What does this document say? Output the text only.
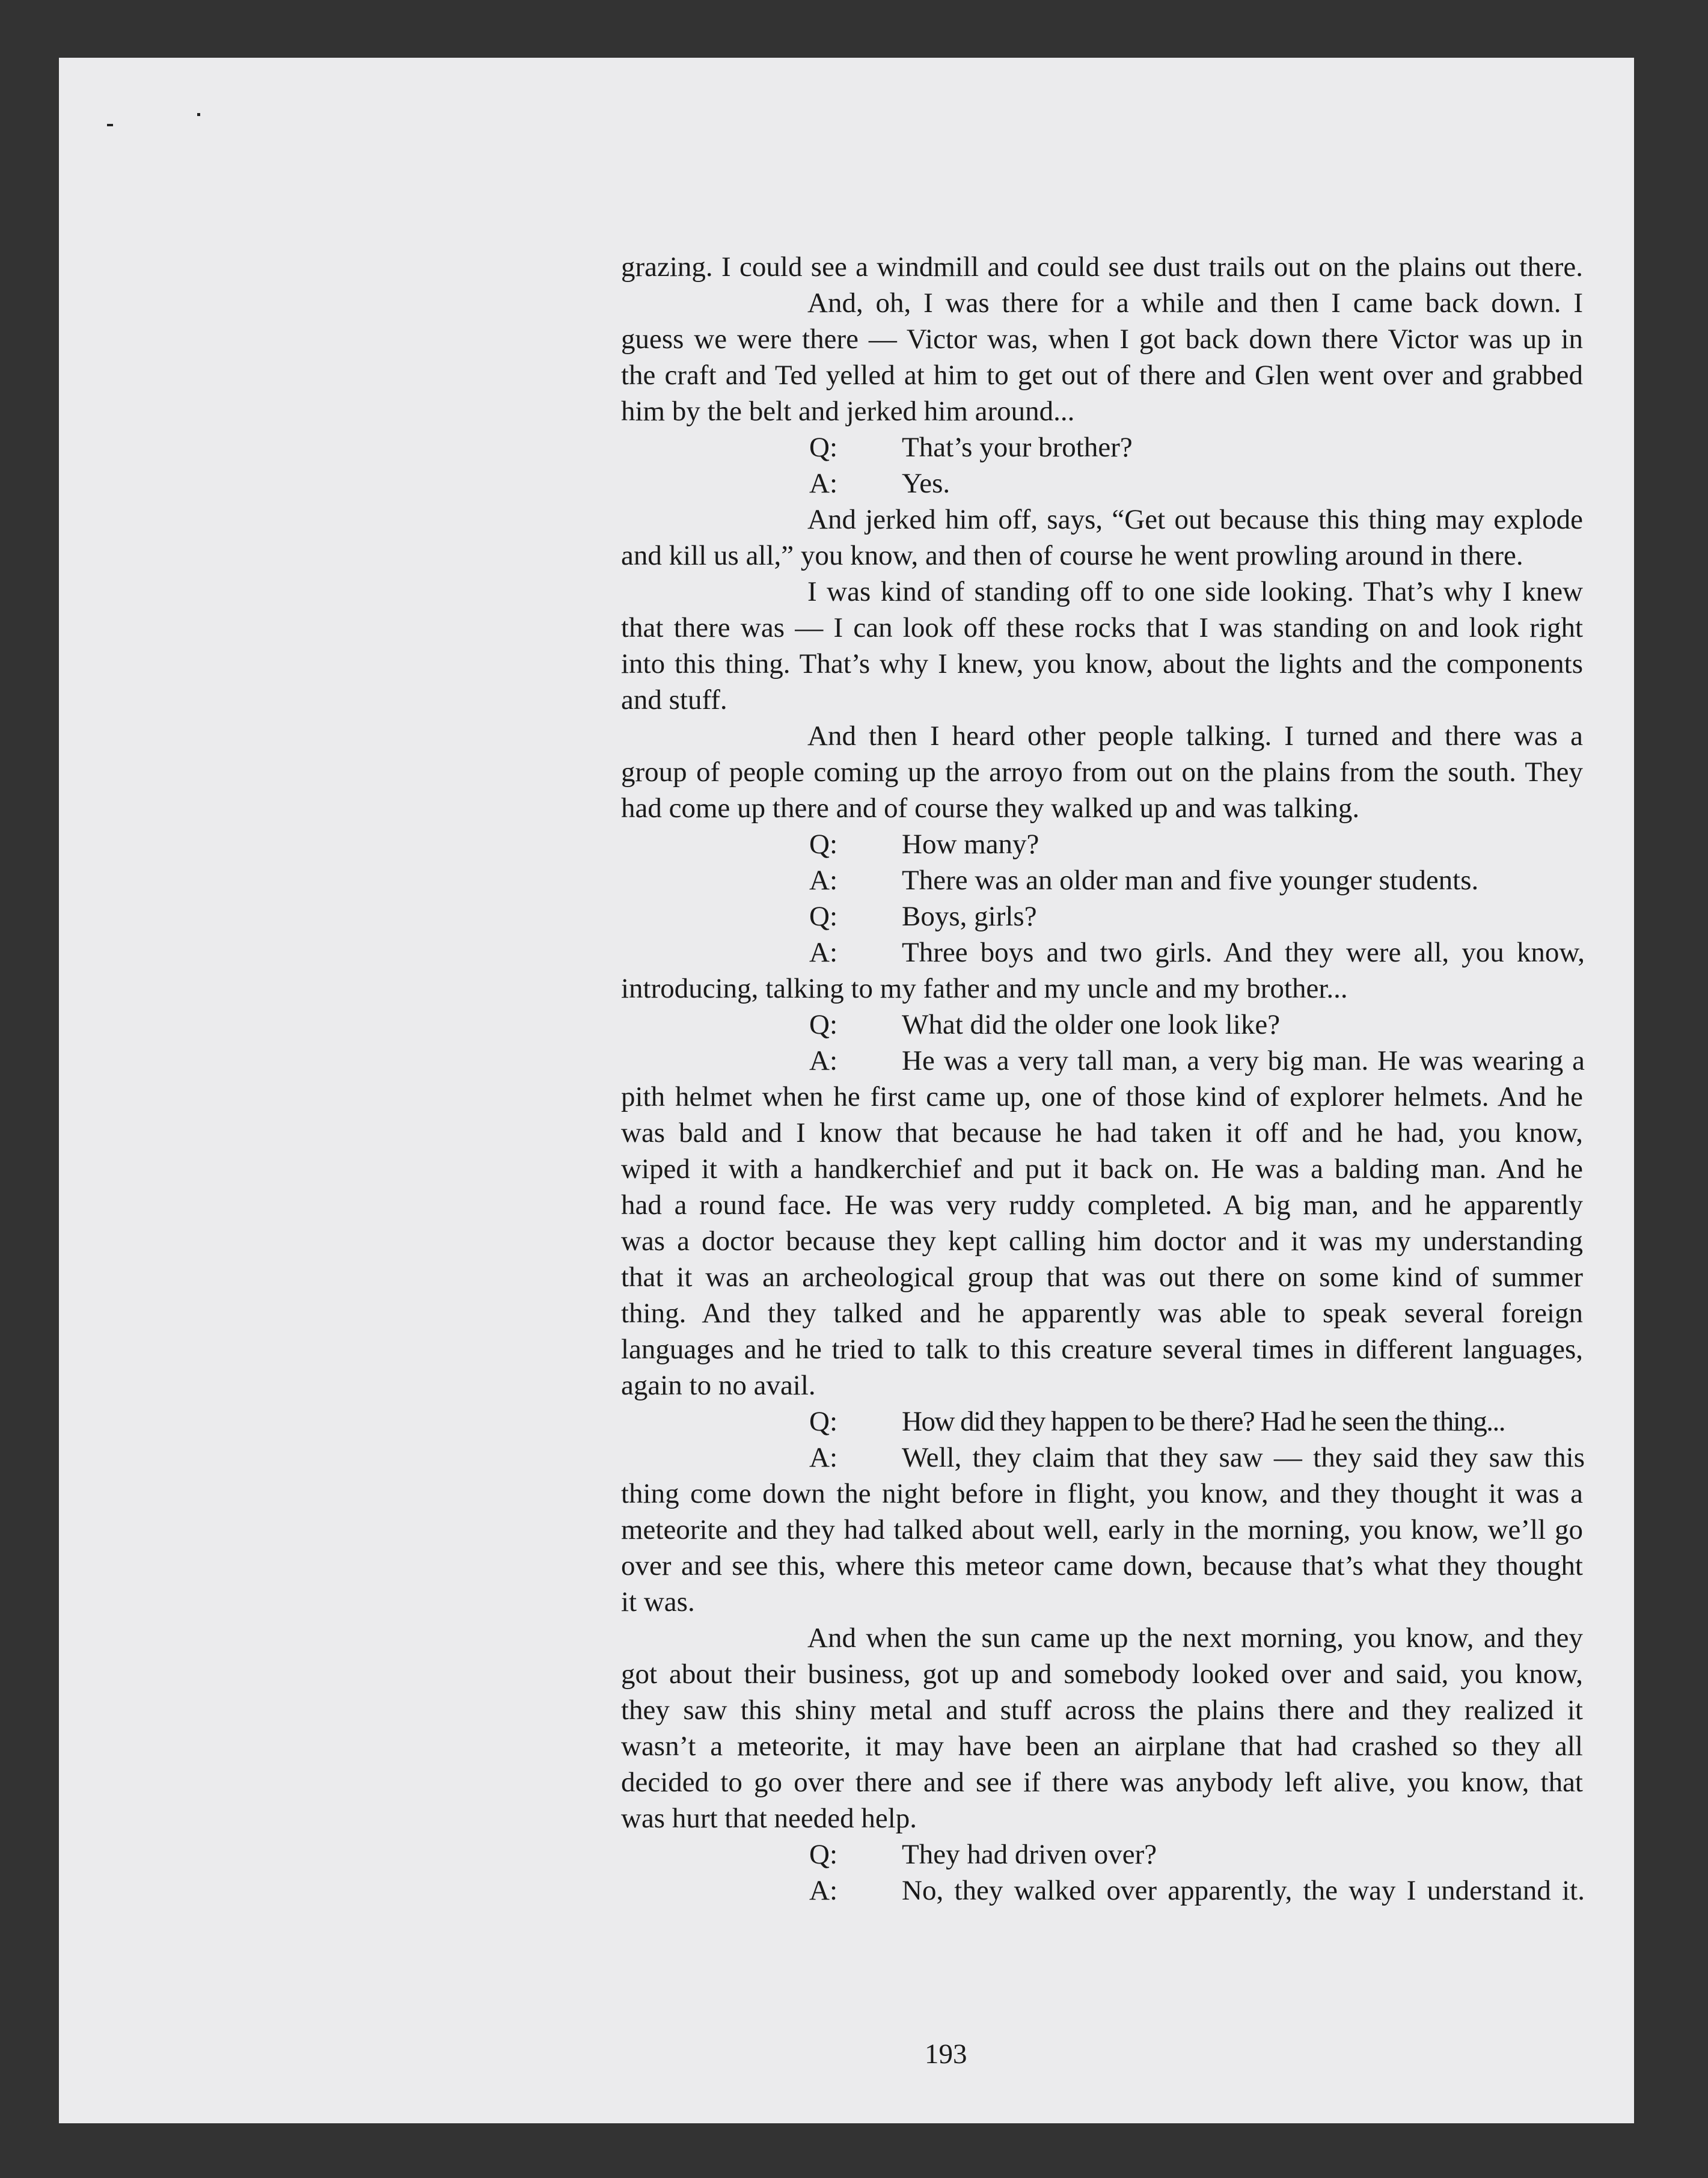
grazing. I could see a windmill and could see dust trails out on the plains out there.
And, oh, I was there for a while and then I came back down. I
guess we were there — Victor was, when I got back down there Victor was up in
the craft and Ted yelled at him to get out of there and Glen went over and grabbed
him by the belt and jerked him around...
Q: That’s your brother?
A: Yes.
And jerked him off, says, “Get out because this thing may explode
and kill us all,” you know, and then of course he went prowling around in there.
I was kind of standing off to one side looking. That’s why I knew
that there was — I can look off these rocks that I was standing on and look right
into this thing. That’s why I knew, you know, about the lights and the components
and stuff.
And then I heard other people talking. I turned and there was a
group of people coming up the arroyo from out on the plains from the south. They
had come up there and of course they walked up and was talking.
Q: How many?
A: There was an older man and five younger students.
Q: Boys, girls?
A: Three boys and two girls. And they were all, you know,
introducing, talking to my father and my uncle and my brother...
Q: What did the older one look like?
A: He was a very tall man, a very big man. He was wearing a
pith helmet when he first came up, one of those kind of explorer helmets. And he
was bald and I know that because he had taken it off and he had, you know,
wiped it with a handkerchief and put it back on. He was a balding man. And he
had a round face. He was very ruddy completed. A big man, and he apparently
was a doctor because they kept calling him doctor and it was my understanding
that it was an archeological group that was out there on some kind of summer
thing. And they talked and he apparently was able to speak several foreign
languages and he tried to talk to this creature several times in different languages,
again to no avail.
Q: How did they happen to be there? Had he seen the thing...
A: Well, they claim that they saw — they said they saw this
thing come down the night before in flight, you know, and they thought it was a
meteorite and they had talked about well, early in the morning, you know, we’ll go
over and see this, where this meteor came down, because that’s what they thought
it was.
And when the sun came up the next morning, you know, and they
got about their business, got up and somebody looked over and said, you know,
they saw this shiny metal and stuff across the plains there and they realized it
wasn’t a meteorite, it may have been an airplane that had crashed so they all
decided to go over there and see if there was anybody left alive, you know, that
was hurt that needed help.
Q: They had driven over?
A: No, they walked over apparently, the way I understand it.
193
